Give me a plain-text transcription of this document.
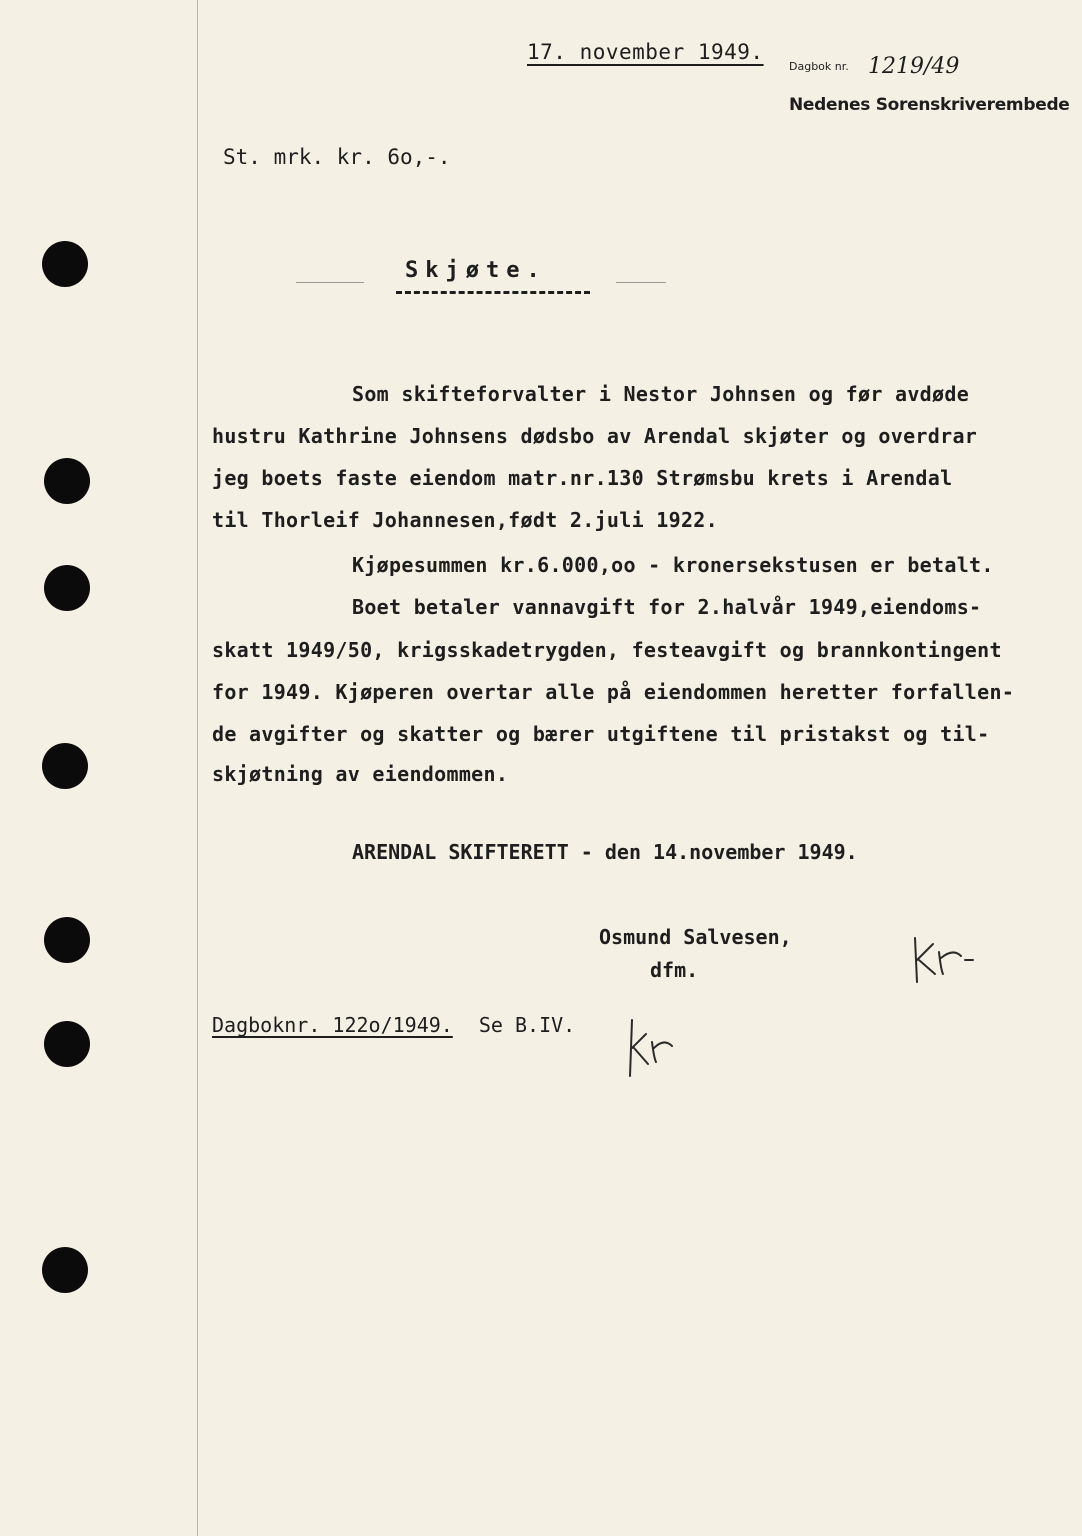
17. november 1949.
Dagbok nr. 1219/49
Nedenes Sorenskriverembede
St. mrk. kr. 6o,-.
Skjøte.
Som skifteforvalter i Nestor Johnsen og før avdøde
hustru Kathrine Johnsens dødsbo av Arendal skjøter og overdrar
jeg boets faste eiendom matr.nr.130 Strømsbu krets i Arendal
til Thorleif Johannesen,født 2.juli 1922.
Kjøpesummen kr.6.000,oo - kronersekstusen er betalt.
Boet betaler vannavgift for 2.halvår 1949,eiendoms-
skatt 1949/50, krigsskadetrygden, festeavgift og brannkontingent
for 1949. Kjøperen overtar alle på eiendommen heretter forfallen-
de avgifter og skatter og bærer utgiftene til pristakst og til-
skjøtning av eiendommen.
ARENDAL SKIFTERETT - den 14.november 1949.
Osmund Salvesen,
dfm.
Dagboknr. 122o/1949. Se B.IV.
